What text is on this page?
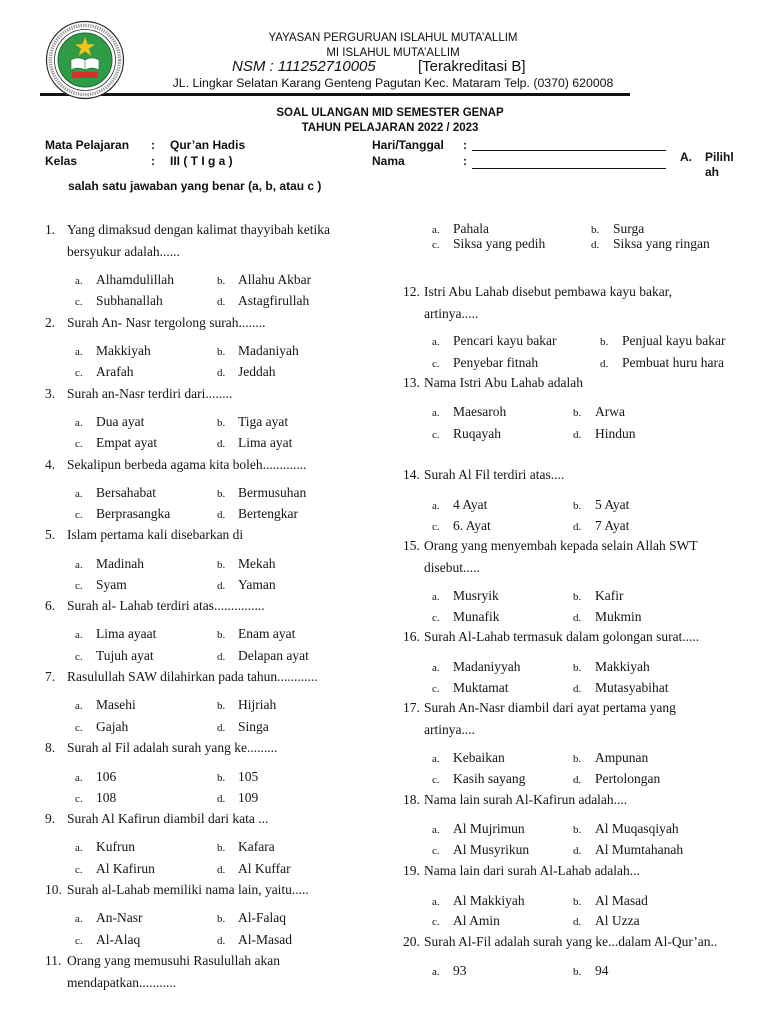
YAYASAN PERGURUAN ISLAHUL MUTA’ALLIM
MI ISLAHUL MUTA’ALLIM
NSM : 111252710005	[Terakreditasi B]
JL. Lingkar Selatan Karang Genteng Pagutan Kec. Mataram Telp. (0370) 620008
SOAL ULANGAN MID SEMESTER GENAP
TAHUN PELAJARAN 2022 / 2023
Mata Pelajaran : Qur’an Hadis	Hari/Tanggal :
Kelas	: III ( T I g a )	Nama	:	A. Pilihl
ah
salah satu jawaban yang benar (a, b, atau c )
1. Yang dimaksud dengan kalimat thayyibah ketika bersyukur adalah......
a. Alhamdulillah	b. Allahu Akbar
c. Subhanallah	d. Astagfirullah
2. Surah An- Nasr tergolong surah........
a. Makkiyah	b. Madaniyah
c. Arafah	d. Jeddah
3. Surah an-Nasr terdiri dari........
a. Dua ayat	b. Tiga ayat
c. Empat ayat	d. Lima ayat
4. Sekalipun berbeda agama kita boleh.............
a. Bersahabat	b. Bermusuhan
c. Berprasangka	d. Bertengkar
5. Islam pertama kali disebarkan di
a. Madinah	b. Mekah
c. Syam	d. Yaman
6. Surah al- Lahab terdiri atas...............
a. Lima ayaat	b. Enam ayat
c. Tujuh ayat	d. Delapan ayat
7. Rasulullah SAW dilahirkan pada tahun............
a. Masehi	b. Hijriah
c. Gajah	d. Singa
8. Surah al Fil adalah surah yang ke.........
a. 106	b. 105
c. 108	d. 109
9. Surah Al Kafirun diambil dari kata ...
a. Kufrun	b. Kafara
c. Al Kafirun	d. Al Kuffar
10. Surah al-Lahab memiliki nama lain, yaitu.....
a. An-Nasr	b. Al-Falaq
c. Al-Alaq	d. Al-Masad
11. Orang yang memusuhi Rasulullah akan mendapatkan...........
a. Pahala	b. Surga
c. Siksa yang pedih	d. Siksa yang ringan
12. Istri Abu Lahab disebut pembawa kayu bakar, artinya.....
a. Pencari kayu bakar	b. Penjual kayu bakar
c. Penyebar fitnah	d. Pembuat huru hara
13. Nama Istri Abu Lahab adalah
a. Maesaroh	b. Arwa
c. Ruqayah	d. Hindun
14. Surah Al Fil terdiri atas....
a. 4 Ayat	b. 5 Ayat
c. 6. Ayat	d. 7 Ayat
15. Orang yang menyembah kepada selain Allah SWT disebut.....
a. Musryik	b. Kafir
c. Munafik	d. Mukmin
16. Surah Al-Lahab termasuk dalam golongan surat.....
a. Madaniyyah	b. Makkiyah
c. Muktamat	d. Mutasyabihat
17. Surah An-Nasr diambil dari ayat pertama yang artinya....
a. Kebaikan	b. Ampunan
c. Kasih sayang	d. Pertolongan
18. Nama lain surah Al-Kafirun adalah....
a. Al Mujrimun	b. Al Muqasqiyah
c. Al Musyrikun	d. Al Mumtahanah
19. Nama lain dari surah Al-Lahab adalah...
a. Al Makkiyah	b. Al Masad
c. Al Amin	d. Al Uzza
20. Surah Al-Fil adalah surah yang ke...dalam Al-Qur’an..
a. 93	b. 94
